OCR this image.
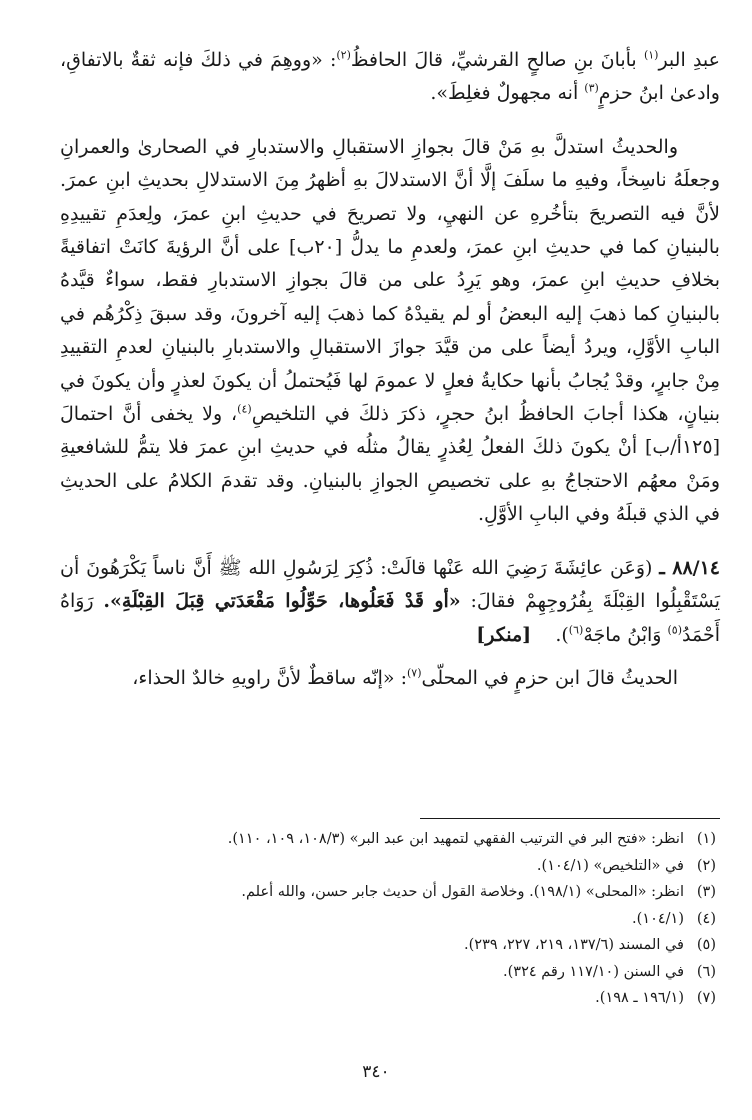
عبدِ البر$^{(١)}$ بأبانَ بنِ صالحٍ القرشيِّ، قالَ الحافظُ$^{(٢)}$: «ووهِمَ في ذلكَ فإنه ثقةٌ بالاتفاقِ، وادعىٰ ابنُ حزمٍ$^{(٣)}$ أنه مجهولٌ فغلِطَ».

والحديثُ استدلَّ بهِ مَنْ قالَ بجوازِ الاستقبالِ والاستدبارِ في الصحارىٰ والعمرانِ وجعلَهُ ناسِخاً، وفيهِ ما سلَفَ إلَّا أنَّ الاستدلالَ بهِ أظهرُ مِنَ الاستدلالِ بحديثِ ابنِ عمرَ. لأنَّ فيه التصريحَ بتأخُرهِ عن النهيِ، ولا تصريحَ في حديثِ ابنِ عمرَ، ولِعدَمِ تقييدِهِ بالبنيانِ كما في حديثِ ابنِ عمرَ، ولعدمِ ما يدلُّ [٢٠ب] على أنَّ الرؤيةَ كانَتْ اتفاقيةً بخلافِ حديثِ ابنِ عمرَ، وهو يَرِدُ على من قالَ بجوازِ الاستدبارِ فقط، سواءٌ قيَّدهُ بالبنيانِ كما ذهبَ إليه البعضُ أو لم يقيدْهُ كما ذهبَ إليه آخرونَ، وقد سبقَ ذِكْرُهُم في البابِ الأوَّلِ، ويردُ أيضاً على من قيَّدَ جوازَ الاستقبالِ والاستدبارِ بالبنيانِ لعدمِ التقييدِ مِنْ جابرٍ، وقدْ يُجابُ بأنها حكايةُ فعلٍ لا عمومَ لها فَيُحتملُ أن يكونَ لعذرٍ وأن يكونَ في بنيانٍ، هكذا أجابَ الحافظُ ابنُ حجرٍ، ذكرَ ذلكَ في التلخيصِ$^{(٤)}$، ولا يخفى أنَّ احتمالَ [١٢٥أ/ب] أنْ يكونَ ذلكَ الفعلُ لِعُذرٍ يقالُ مثلُه في حديثِ ابنِ عمرَ فلا يتمُّ للشافعيةِ ومَنْ معهُم الاحتجاجُ بهِ على تخصيصِ الجوازِ بالبنيانِ. وقد تقدمَ الكلامُ على الحديثِ في الذي قبلَهُ وفي البابِ الأوَّلِ.

٨٨/١٤ ـ (وَعَن عائِشَةَ رَضِيَ الله عَنْها قالَتْ: ذُكِرَ لِرَسُولِ الله ﷺ أَنَّ ناساً يَكْرَهُونَ أن يَسْتَقْبِلُوا القِبْلَةَ بِفُرُوجِهِمْ فقالَ: «أو قَدْ فَعَلُوها، حَوِّلُوا مَقْعَدَتي قِبَلَ القِبْلَةِ». رَوَاهُ أَحْمَدُ$^{(٥)}$ وَابْنُ ماجَهْ$^{(٦)}$).    [منكر]

الحديثُ قالَ ابن حزمٍ في المحلّى$^{(٧)}$: «إنّه ساقطٌ لأنَّ راويهِ خالدٌ الحذاء،

(١)
انظر: «فتح البر في الترتيب الفقهي لتمهيد ابن عبد البر» (١٠٨/٣، ١٠٩، ١١٠).
(٢)
في «التلخيص» (١٠٤/١).
(٣)
انظر: «المحلى» (١٩٨/١). وخلاصة القول أن حديث جابر حسن، والله أعلم.
(٤)
(١٠٤/١).
(٥)
في المسند (١٣٧/٦، ٢١٩، ٢٢٧، ٢٣٩).
(٦)
في السنن (١١٧/١٠ رقم ٣٢٤).
(٧)
(١٩٦/١ ـ ١٩٨).
٣٤٠
